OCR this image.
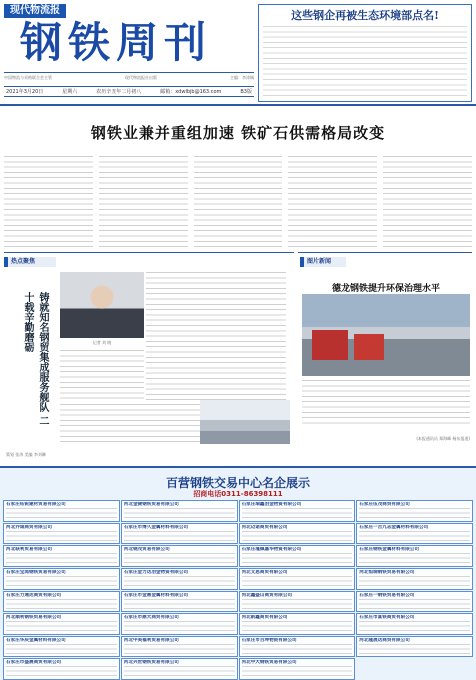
现代物流报
钢铁周刊
中国物流与采购联合会主管	现代物流报社出版	主编：李涛城
2021年3月20日	星期六	农历辛丑年二月初八	邮箱：xdwlbjb@163.com	B3版
这些钢企再被生态环境部点名!
钢铁业兼并重组加速 铁矿石供需格局改变
热点聚焦
铸就知名钢贸集成服务舰队 二十载辛勤磨砺	记者 刘 晓
图片新闻
德龙钢铁提升环保治理水平
(本报通讯员 郑海峰 杨东报道)
策划 张涛 美编 李刘琳
百营钢铁交易中心名企展示
招商电话0311-86398111
石家庄钰锐建材贸易有限公司	河北金捷钢铁贸易有限公司	石家庄瑞鑫冶金物资有限公司	石家庄伍茂商贸有限公司
河北乔诚商贸有限公司	石家庄市博久金属材料有限公司	河北迈诺商贸有限公司	石家庄一吉九志金属材料有限公司
河北联利贸易有限公司	河北钢茂贸易有限公司	石家庄瑾佩嘉华物资有限公司	石家庄钢铁金属材料有限公司
石家庄宝鸿钢铁贸易有限公司	石家庄金力达冶金物资有限公司	河北文思商贸有限公司	河北恒瑞钢铁贸易有限公司
石家庄力通达商贸有限公司	石家庄市金鼎金属材料有限公司	河北鑫盛山商贸有限公司	石家庄一钢铁贸易有限公司
河北顺利钢铁贸易有限公司	石家庄市鼎大商贸有限公司	河北新鑫商贸有限公司	石家庄市富铁商贸有限公司
石家庄华辰金属材料有限公司	河北中美福利贸易有限公司	石家庄市百坤物资有限公司	河北隆晟达商贸有限公司
石家庄市盛晨商贸有限公司	河北兴世钢铁贸易有限公司	河北中大钢铁贸易有限公司
